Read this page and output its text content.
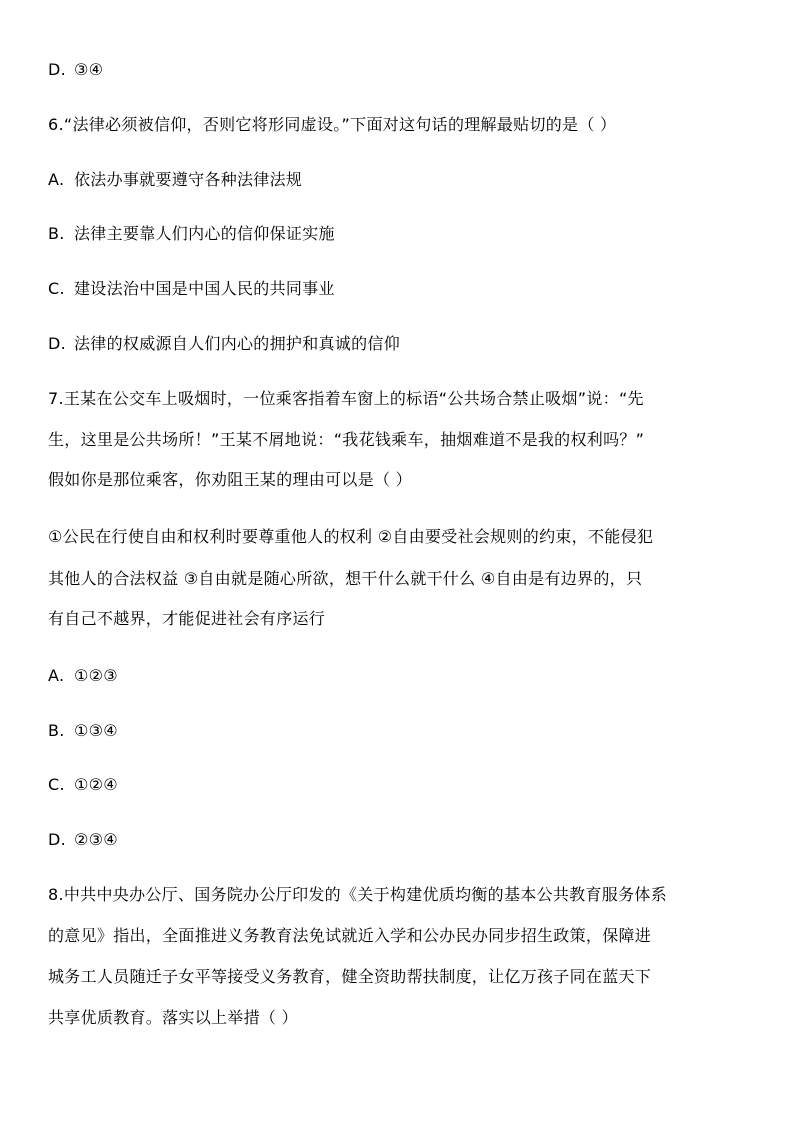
D. ③④
6.“法律必须被信仰，否则它将形同虚设。”下面对这句话的理解最贴切的是（ ）
A. 依法办事就要遵守各种法律法规
B. 法律主要靠人们内心的信仰保证实施
C. 建设法治中国是中国人民的共同事业
D. 法律的权威源自人们内心的拥护和真诚的信仰
7.王某在公交车上吸烟时，一位乘客指着车窗上的标语“公共场合禁止吸烟”说：“先
生，这里是公共场所！”王某不屑地说：“我花钱乘车，抽烟难道不是我的权利吗？”
假如你是那位乘客，你劝阻王某的理由可以是（ ）
①公民在行使自由和权利时要尊重他人的权利 ②自由要受社会规则的约束，不能侵犯
其他人的合法权益 ③自由就是随心所欲，想干什么就干什么 ④自由是有边界的，只
有自己不越界，才能促进社会有序运行
A. ①②③
B. ①③④
C. ①②④
D. ②③④
8.中共中央办公厅、国务院办公厅印发的《关于构建优质均衡的基本公共教育服务体系
的意见》指出，全面推进义务教育法免试就近入学和公办民办同步招生政策，保障进
城务工人员随迁子女平等接受义务教育，健全资助帮扶制度，让亿万孩子同在蓝天下
共享优质教育。落实以上举措（ ）
